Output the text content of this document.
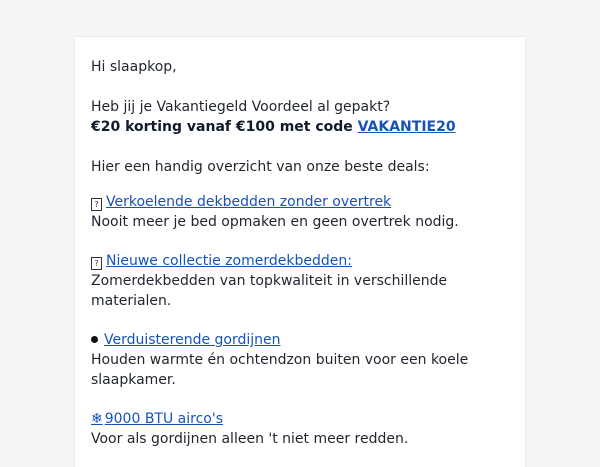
Hi slaapkop,

Heb jij je Vakantiegeld Voordeel al gepakt?

€20 korting vanaf €100 met code VAKANTIE20

Hier een handig overzicht van onze beste deals:

? Verkoelende dekbedden zonder overtrek

Nooit meer je bed opmaken en geen overtrek nodig.

? Nieuwe collectie zomerdekbedden:

Zomerdekbedden van topkwaliteit in verschillende

materialen.

Verduisterende gordijnen

Houden warmte én ochtendzon buiten voor een koele

slaapkamer.

❄ 9000 BTU airco's

Voor als gordijnen alleen 't niet meer redden.
